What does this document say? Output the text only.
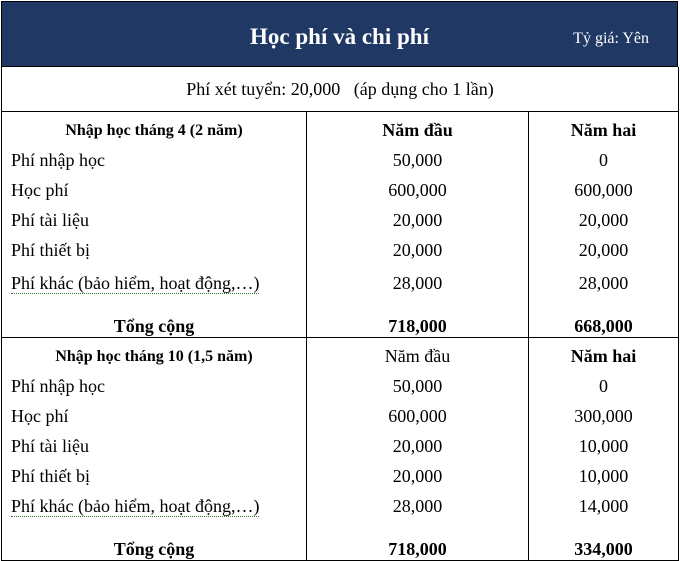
Học phí và chi phí	Tỷ giá: Yên
Phí xét tuyển: 20,000   (áp dụng cho 1 lần)		
Nhập học tháng 4 (2 năm)	Năm đầu	Năm hai
Phí nhập học	50,000	0
Học phí	600,000	600,000
Phí tài liệu	20,000	20,000
Phí thiết bị	20,000	20,000
Phí khác (bảo hiểm, hoạt động,…)	28,000	28,000
Tổng cộng	718,000	668,000
Nhập học tháng 10 (1,5 năm)	Năm đầu	Năm hai
Phí nhập học	50,000	0
Học phí	600,000	300,000
Phí tài liệu	20,000	10,000
Phí thiết bị	20,000	10,000
Phí khác (bảo hiểm, hoạt động,…)	28,000	14,000
Tổng cộng	718,000	334,000
